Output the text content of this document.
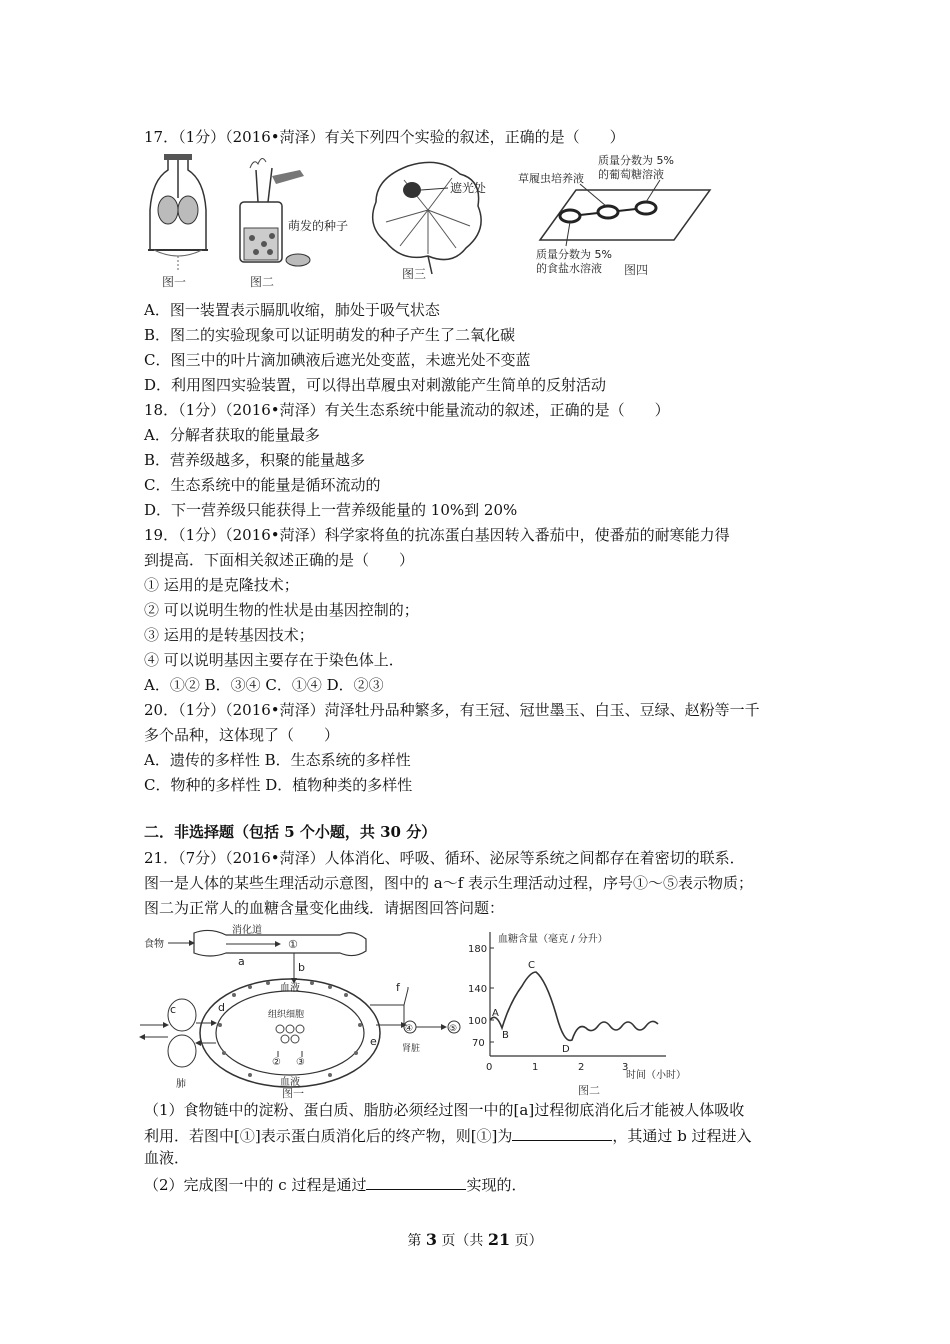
17．（1分）（2016•菏泽）有关下列四个实验的叙述，正确的是（　　）
图一
萌发的种子
图二
遮光处
图三
草履虫培养液
质量分数为 5%
的葡萄糖溶液
质量分数为 5%
的食盐水溶液 图四
A．图一装置表示膈肌收缩，肺处于吸气状态
B．图二的实验现象可以证明萌发的种子产生了二氧化碳
C．图三中的叶片滴加碘液后遮光处变蓝，未遮光处不变蓝
D．利用图四实验装置，可以得出草履虫对刺激能产生简单的反射活动
18．（1分）（2016•菏泽）有关生态系统中能量流动的叙述，正确的是（　　）
A．分解者获取的能量最多
B．营养级越多，积聚的能量越多
C．生态系统中的能量是循环流动的
D．下一营养级只能获得上一营养级能量的 10%到 20%
19．（1分）（2016•菏泽）科学家将鱼的抗冻蛋白基因转入番茄中，使番茄的耐寒能力得
到提高．下面相关叙述正确的是（　　）
① 运用的是克隆技术；
② 可以说明生物的性状是由基因控制的；
③ 运用的是转基因技术；
④ 可以说明基因主要存在于染色体上．
A．①② B．③④ C．①④ D．②③
20．（1分）（2016•菏泽）菏泽牡丹品种繁多，有王冠、冠世墨玉、白玉、豆绿、赵粉等一千
多个品种，这体现了（　　）
A．遗传的多样性 B．生态系统的多样性
C．物种的多样性 D．植物种类的多样性
二．非选择题（包括 5 个小题，共 30 分）
21．（7分）（2016•菏泽）人体消化、呼吸、循环、泌尿等系统之间都存在着密切的联系．
图一是人体的某些生理活动示意图，图中的 a～f 表示生理活动过程，序号①～⑤表示物质；
图二为正常人的血糖含量变化曲线．请据图回答问题：
食物
消化道
a
①
b
血液
血液
组织细胞
② ③
c
肺
d
e
④
肾脏
⑤
f
图一
血糖含量（毫克 / 分升）
180
140
100
70
0	1	2	3
时间（小时）
A
B
C
D
图二
（1）食物链中的淀粉、蛋白质、脂肪必须经过图一中的[a]过程彻底消化后才能被人体吸收
利用．若图中[①]表示蛋白质消化后的终产物，则[①]为	，其通过 b 过程进入
血液．
（2）完成图一中的 c 过程是通过	实现的．
第 3 页（共 21 页）
